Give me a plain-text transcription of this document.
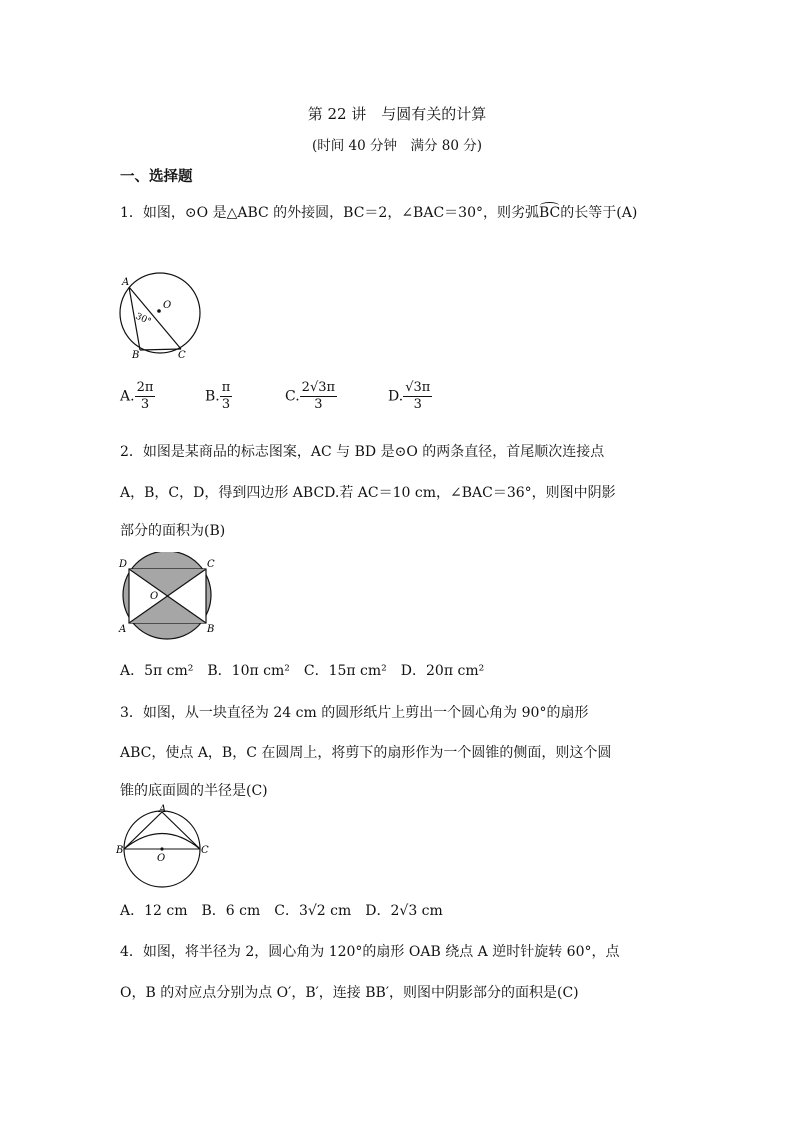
第 22 讲　与圆有关的计算
(时间 40 分钟　满分 80 分)
一、选择题
1．如图，⊙O 是△ABC 的外接圆，BC＝2，∠BAC＝30°，则劣弧BC的长等于(A)
A
B	C
O
30°
A. $\frac{2\pi}{3}$	B. $\frac{\pi}{3}$	C. $\frac{2√3\pi}{3}$	D. $\frac{√3\pi}{3}$
2．如图是某商品的标志图案，AC 与 BD 是⊙O 的两条直径，首尾顺次连接点
A，B，C，D，得到四边形 ABCD.若 AC＝10 cm，∠BAC＝36°，则图中阴影
部分的面积为(B)
D	C
A	B
O
A．5π cm²　B．10π cm²　C．15π cm²　D．20π cm²
3．如图，从一块直径为 24 cm 的圆形纸片上剪出一个圆心角为 90°的扇形
ABC，使点 A，B，C 在圆周上，将剪下的扇形作为一个圆锥的侧面，则这个圆
锥的底面圆的半径是(C)
A
B	C
O
A．12 cm　B．6 cm　C．3√2 cm　D．2√3 cm
4．如图，将半径为 2，圆心角为 120°的扇形 OAB 绕点 A 逆时针旋转 60°，点
O，B 的对应点分别为点 O′，B′，连接 BB′，则图中阴影部分的面积是(C)
